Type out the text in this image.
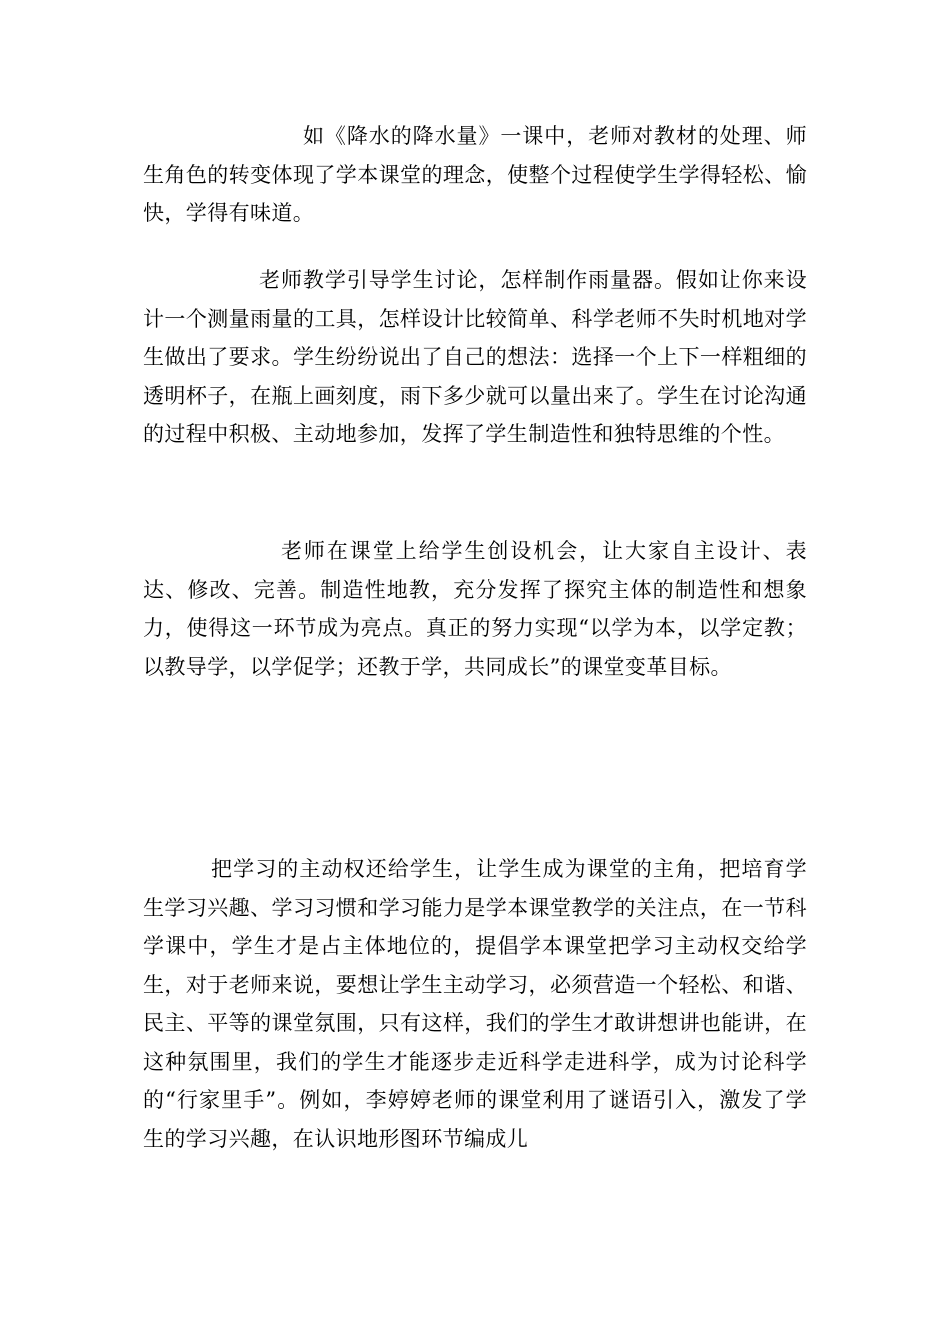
如《降水的降水量》一课中，老师对教材的处理、师生角色的转变体现了学本课堂的理念，使整个过程使学生学得轻松、愉快，学得有味道。

老师教学引导学生讨论，怎样制作雨量器。假如让你来设计一个测量雨量的工具，怎样设计比较简单、科学老师不失时机地对学生做出了要求。学生纷纷说出了自己的想法：选择一个上下一样粗细的透明杯子，在瓶上画刻度，雨下多少就可以量出来了。学生在讨论沟通的过程中积极、主动地参加，发挥了学生制造性和独特思维的个性。

老师在课堂上给学生创设机会，让大家自主设计、表达、修改、完善。制造性地教，充分发挥了探究主体的制造性和想象力，使得这一环节成为亮点。真正的努力实现“以学为本，以学定教；以教导学，以学促学；还教于学，共同成长”的课堂变革目标。

把学习的主动权还给学生，让学生成为课堂的主角，把培育学生学习兴趣、学习习惯和学习能力是学本课堂教学的关注点，在一节科学课中，学生才是占主体地位的，提倡学本课堂把学习主动权交给学生，对于老师来说，要想让学生主动学习，必须营造一个轻松、和谐、民主、平等的课堂氛围，只有这样，我们的学生才敢讲想讲也能讲，在这种氛围里，我们的学生才能逐步走近科学走进科学，成为讨论科学的“行家里手”。例如，李婷婷老师的课堂利用了谜语引入，激发了学生的学习兴趣，在认识地形图环节编成儿
